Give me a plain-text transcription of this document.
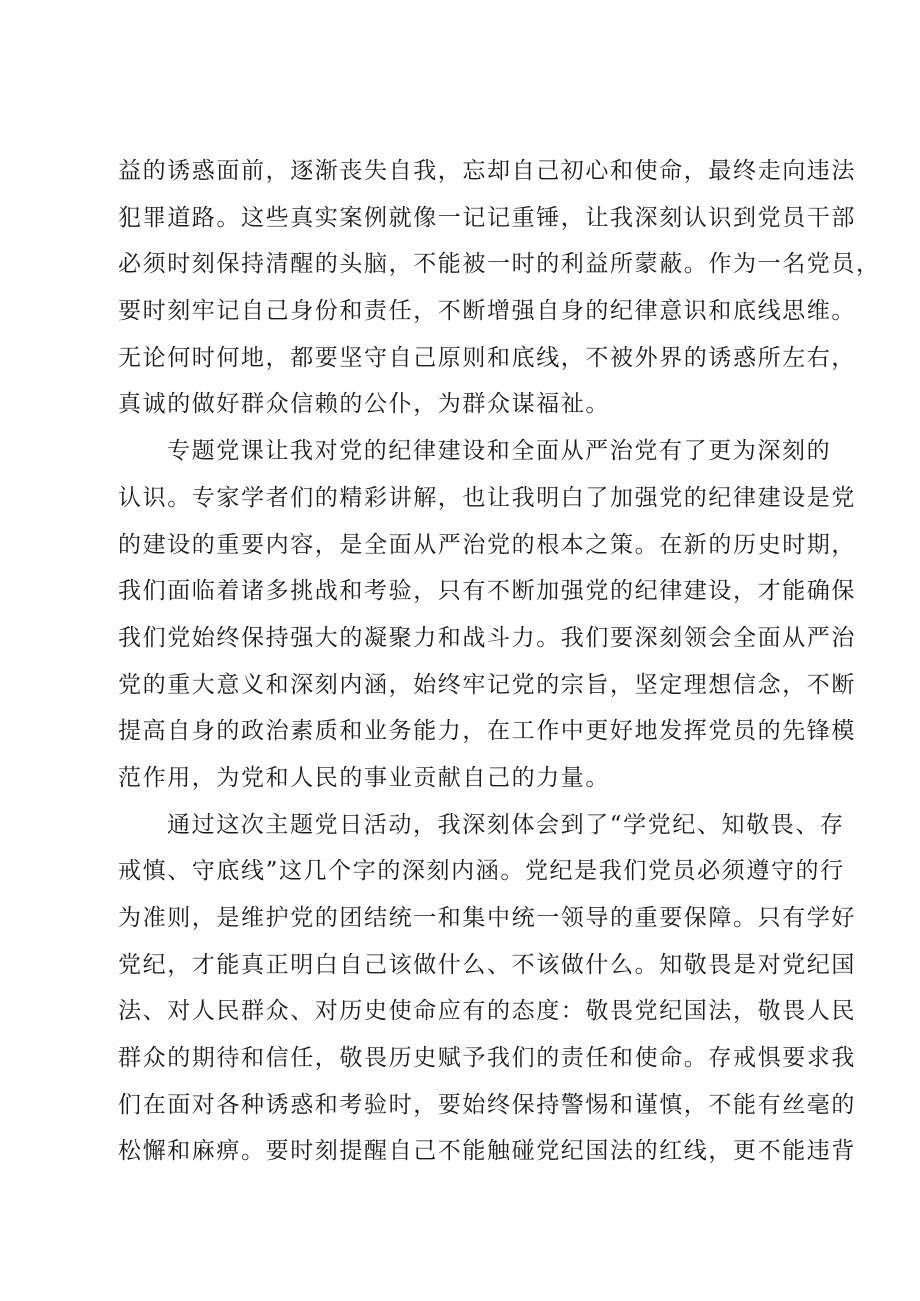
益的诱惑面前，逐渐丧失自我，忘却自己初心和使命，最终走向违法
犯罪道路。这些真实案例就像一记记重锤，让我深刻认识到党员干部
必须时刻保持清醒的头脑，不能被一时的利益所蒙蔽。作为一名党员，
要时刻牢记自己身份和责任，不断增强自身的纪律意识和底线思维。
无论何时何地，都要坚守自己原则和底线，不被外界的诱惑所左右，
真诚的做好群众信赖的公仆，为群众谋福祉。
专题党课让我对党的纪律建设和全面从严治党有了更为深刻的
认识。专家学者们的精彩讲解，也让我明白了加强党的纪律建设是党
的建设的重要内容，是全面从严治党的根本之策。在新的历史时期，
我们面临着诸多挑战和考验，只有不断加强党的纪律建设，才能确保
我们党始终保持强大的凝聚力和战斗力。我们要深刻领会全面从严治
党的重大意义和深刻内涵，始终牢记党的宗旨，坚定理想信念，不断
提高自身的政治素质和业务能力，在工作中更好地发挥党员的先锋模
范作用，为党和人民的事业贡献自己的力量。
通过这次主题党日活动，我深刻体会到了“学党纪、知敬畏、存
戒慎、守底线”这几个字的深刻内涵。党纪是我们党员必须遵守的行
为准则，是维护党的团结统一和集中统一领导的重要保障。只有学好
党纪，才能真正明白自己该做什么、不该做什么。知敬畏是对党纪国
法、对人民群众、对历史使命应有的态度：敬畏党纪国法，敬畏人民
群众的期待和信任，敬畏历史赋予我们的责任和使命。存戒惧要求我
们在面对各种诱惑和考验时，要始终保持警惕和谨慎，不能有丝毫的
松懈和麻痹。要时刻提醒自己不能触碰党纪国法的红线，更不能违背
